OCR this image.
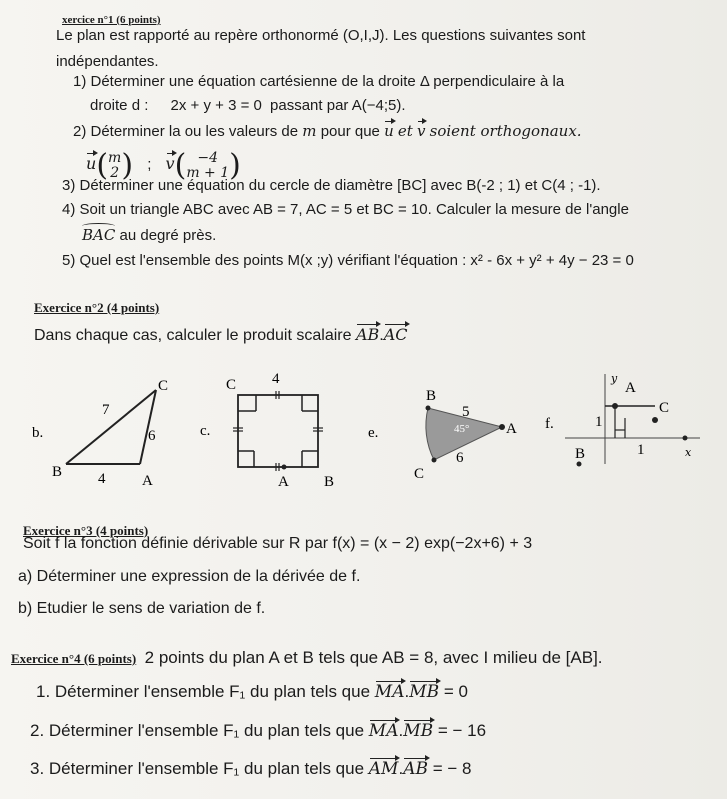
xercice n°1 (6 points)
Le plan est rapporté au repère orthonormé (O,I,J). Les questions suivantes sont
indépendantes.
1) Déterminer une équation cartésienne de la droite Δ perpendiculaire à la
droite d : 2x + y + 3 = 0 passant par A(−4;5).
2) Déterminer la ou les valeurs de m pour que u et v soient orthogonaux.
u(m
2) ; v( −4
m + 1)
3) Déterminer une équation du cercle de diamètre [BC] avec B(-2 ; 1) et C(4 ; -1).
4) Soit un triangle ABC avec AB = 7, AC = 5 et BC = 10. Calculer la mesure de l'angle
BAC au degré près.
5) Quel est l'ensemble des points M(x ;y) vérifiant l'équation : x² - 6x + y² + 4y − 23 = 0
Exercice n°2 (4 points)
Dans chaque cas, calculer le produit scalaire AB.AC
b.
C
B
A
7
6
4
c.
C 4
A B
e.
B
A
C
5
6
45°	f.
y
A
C
1
B	1	x
Exercice n°3 (4 points)
Soit f la fonction définie dérivable sur R par f(x) = (x − 2) exp(−2x+6) + 3
a) Déterminer une expression de la dérivée de f.
b) Etudier le sens de variation de f.
Exercice n°4 (6 points) 2 points du plan A et B tels que AB = 8, avec I milieu de [AB].
1. Déterminer l'ensemble F₁ du plan tels que MA.MB = 0
2. Déterminer l'ensemble F₁ du plan tels que MA.MB = − 16
3. Déterminer l'ensemble F₁ du plan tels que AM.AB = − 8
